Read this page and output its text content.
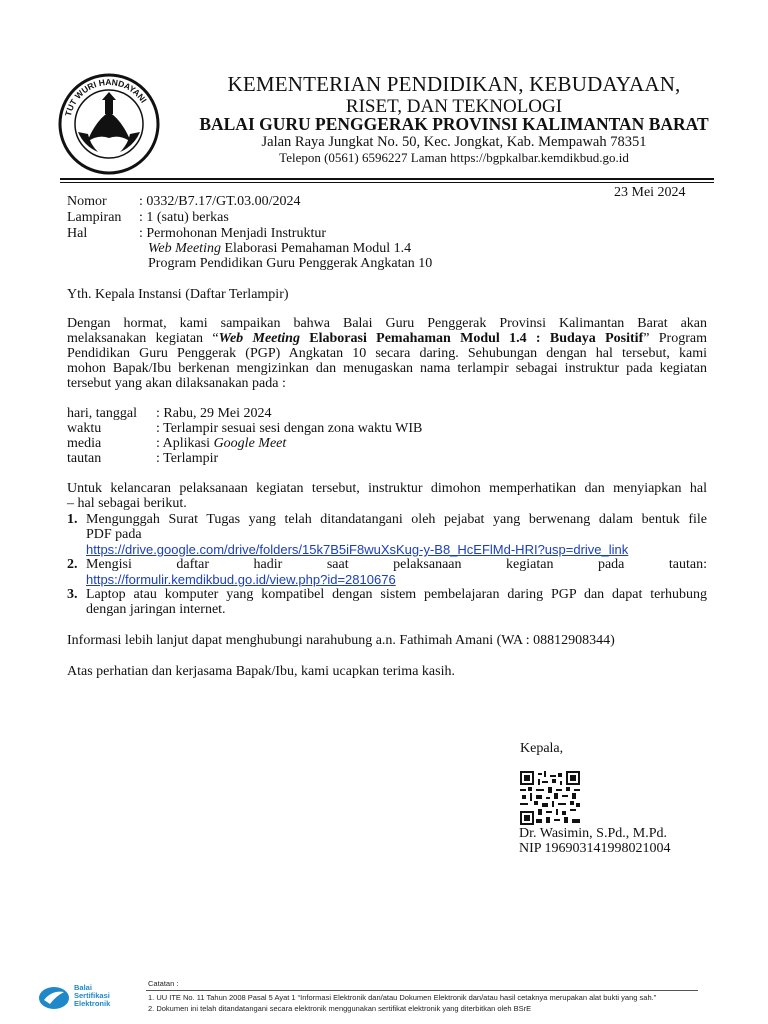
TUT WURI HANDAYANI
KEMENTERIAN PENDIDIKAN, KEBUDAYAAN,
RISET, DAN TEKNOLOGI
BALAI GURU PENGGERAK PROVINSI KALIMANTAN BARAT
Jalan Raya Jungkat No. 50, Kec. Jongkat, Kab. Mempawah 78351
Telepon (0561) 6596227 Laman https://bgpkalbar.kemdikbud.go.id
23 Mei 2024
Nomor : 0332/B7.17/GT.03.00/2024
Lampiran : 1 (satu) berkas
Hal	: Permohonan Menjadi Instruktur
Web Meeting Elaborasi Pemahaman Modul 1.4
Program Pendidikan Guru Penggerak Angkatan 10
Yth. Kepala Instansi (Daftar Terlampir)
Dengan hormat, kami sampaikan bahwa Balai Guru Penggerak Provinsi Kalimantan Barat akan
melaksanakan kegiatan “Web Meeting Elaborasi Pemahaman Modul 1.4 : Budaya Positif” Program
Pendidikan Guru Penggerak (PGP) Angkatan 10 secara daring. Sehubungan dengan hal tersebut, kami
mohon Bapak/Ibu berkenan mengizinkan dan menugaskan nama terlampir sebagai instruktur pada kegiatan
tersebut yang akan dilaksanakan pada :
hari, tanggal : Rabu, 29 Mei 2024
waktu	: Terlampir sesuai sesi dengan zona waktu WIB
media	: Aplikasi Google Meet
tautan	: Terlampir
Untuk kelancaran pelaksanaan kegiatan tersebut, instruktur dimohon memperhatikan dan menyiapkan hal
– hal sebagai berikut.
1. Mengunggah Surat Tugas yang telah ditandatangani oleh pejabat yang berwenang dalam bentuk file
PDF pada
https://drive.google.com/drive/folders/15k7B5iF8wuXsKug-y-B8_HcEFlMd-HRI?usp=drive_link
2. Mengisi daftar hadir saat pelaksanaan kegiatan pada tautan:
https://formulir.kemdikbud.go.id/view.php?id=2810676
3. Laptop atau komputer yang kompatibel dengan sistem pembelajaran daring PGP dan dapat terhubung
dengan jaringan internet.
Informasi lebih lanjut dapat menghubungi narahubung a.n. Fathimah Amani (WA : 08812908344)
Atas perhatian dan kerjasama Bapak/Ibu, kami ucapkan terima kasih.
Kepala,
Dr. Wasimin, S.Pd., M.Pd.
NIP 196903141998021004
Balai
Sertifikasi
Elektronik
Catatan :
1. UU ITE No. 11 Tahun 2008 Pasal 5 Ayat 1 “Informasi Elektronik dan/atau Dokumen Elektronik dan/atau hasil cetaknya merupakan alat bukti yang sah.”
2. Dokumen ini telah ditandatangani secara elektronik menggunakan sertifikat elektronik yang diterbitkan oleh BSrE
